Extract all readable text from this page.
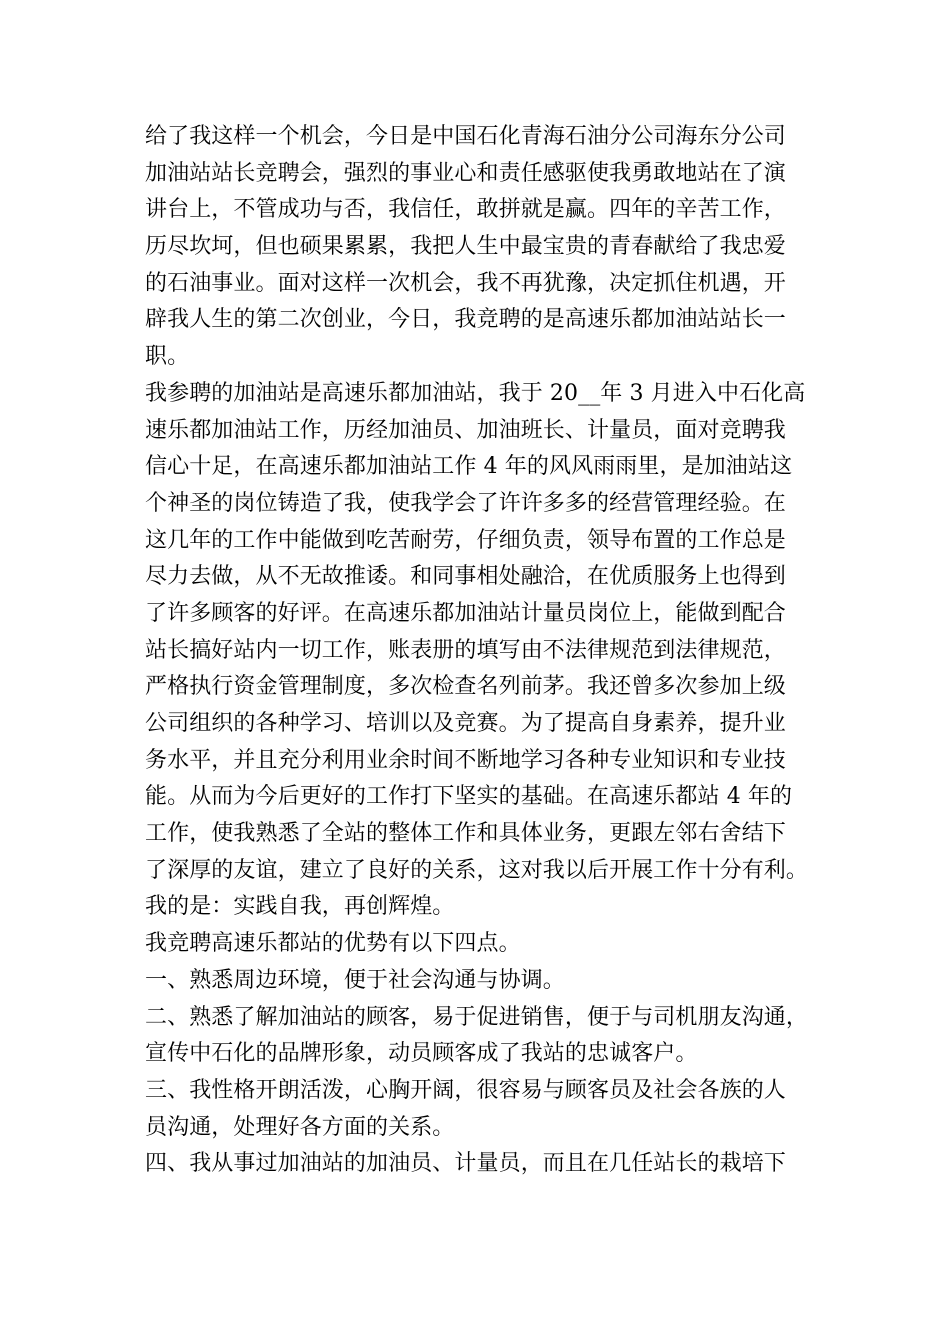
给了我这样一个机会，今日是中国石化青海石油分公司海东分公司
加油站站长竞聘会，强烈的事业心和责任感驱使我勇敢地站在了演
讲台上，不管成功与否，我信任，敢拼就是赢。四年的辛苦工作，
历尽坎坷，但也硕果累累，我把人生中最宝贵的青春献给了我忠爱
的石油事业。面对这样一次机会，我不再犹豫，决定抓住机遇，开
辟我人生的第二次创业，今日，我竞聘的是高速乐都加油站站长一
职。
我参聘的加油站是高速乐都加油站，我于 20__年 3 月进入中石化高
速乐都加油站工作，历经加油员、加油班长、计量员，面对竞聘我
信心十足，在高速乐都加油站工作 4 年的风风雨雨里，是加油站这
个神圣的岗位铸造了我，使我学会了许许多多的经营管理经验。在
这几年的工作中能做到吃苦耐劳，仔细负责，领导布置的工作总是
尽力去做，从不无故推诿。和同事相处融洽，在优质服务上也得到
了许多顾客的好评。在高速乐都加油站计量员岗位上，能做到配合
站长搞好站内一切工作，账表册的填写由不法律规范到法律规范，
严格执行资金管理制度，多次检查名列前茅。我还曾多次参加上级
公司组织的各种学习、培训以及竞赛。为了提高自身素养，提升业
务水平，并且充分利用业余时间不断地学习各种专业知识和专业技
能。从而为今后更好的工作打下坚实的基础。在高速乐都站 4 年的
工作，使我熟悉了全站的整体工作和具体业务，更跟左邻右舍结下
了深厚的友谊，建立了良好的关系，这对我以后开展工作十分有利。
我的是：实践自我，再创辉煌。
我竞聘高速乐都站的优势有以下四点。
一、熟悉周边环境，便于社会沟通与协调。
二、熟悉了解加油站的顾客，易于促进销售，便于与司机朋友沟通，
宣传中石化的品牌形象，动员顾客成了我站的忠诚客户。
三、我性格开朗活泼，心胸开阔，很容易与顾客员及社会各族的人
员沟通，处理好各方面的关系。
四、我从事过加油站的加油员、计量员，而且在几任站长的栽培下
